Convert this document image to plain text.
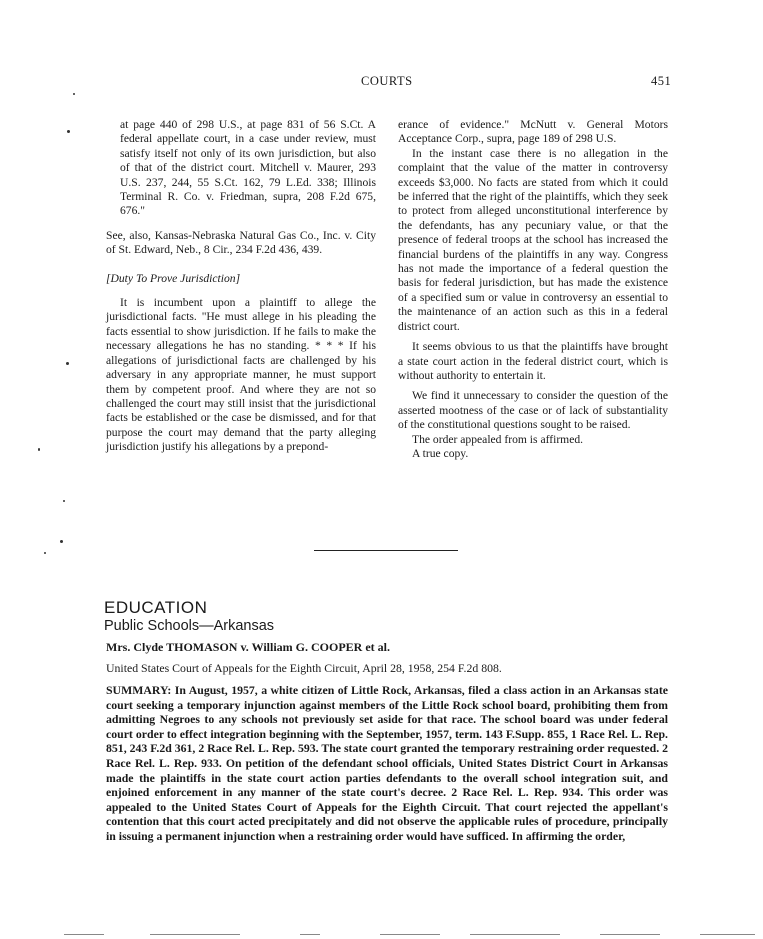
COURTS	451

at page 440 of 298 U.S., at page 831 of 56 S.Ct. A federal appellate court, in a case under review, must satisfy itself not only of its own jurisdiction, but also of that of the district court. Mitchell v. Maurer, 293 U.S. 237, 244, 55 S.Ct. 162, 79 L.Ed. 338; Illinois Terminal R. Co. v. Friedman, supra, 208 F.2d 675, 676."

See, also, Kansas-Nebraska Natural Gas Co., Inc. v. City of St. Edward, Neb., 8 Cir., 234 F.2d 436, 439.

[Duty To Prove Jurisdiction]

It is incumbent upon a plaintiff to allege the jurisdictional facts. "He must allege in his pleading the facts essential to show jurisdiction. If he fails to make the necessary allegations he has no standing. * * * If his allegations of jurisdictional facts are challenged by his adversary in any appropriate manner, he must support them by competent proof. And where they are not so challenged the court may still insist that the jurisdictional facts be established or the case be dismissed, and for that purpose the court may demand that the party alleging jurisdiction justify his allegations by a prepond-

erance of evidence." McNutt v. General Motors Acceptance Corp., supra, page 189 of 298 U.S.

In the instant case there is no allegation in the complaint that the value of the matter in controversy exceeds $3,000. No facts are stated from which it could be inferred that the right of the plaintiffs, which they seek to protect from alleged unconstitutional interference by the defendants, has any pecuniary value, or that the presence of federal troops at the school has increased the financial burdens of the plaintiffs in any way. Congress has not made the importance of a federal question the basis for federal jurisdiction, but has made the existence of a specified sum or value in controversy an essential to the maintenance of an action such as this in a federal district court.

It seems obvious to us that the plaintiffs have brought a state court action in the federal district court, which is without authority to entertain it.

We find it unnecessary to consider the question of the asserted mootness of the case or of lack of substantiality of the constitutional questions sought to be raised.

The order appealed from is affirmed.

A true copy.

EDUCATION
Public Schools—Arkansas
Mrs. Clyde THOMASON v. William G. COOPER et al.
United States Court of Appeals for the Eighth Circuit, April 28, 1958, 254 F.2d 808.

SUMMARY: In August, 1957, a white citizen of Little Rock, Arkansas, filed a class action in an Arkansas state court seeking a temporary injunction against members of the Little Rock school board, prohibiting them from admitting Negroes to any schools not previously set aside for that race. The school board was under federal court order to effect integration beginning with the September, 1957, term. 143 F.Supp. 855, 1 Race Rel. L. Rep. 851, 243 F.2d 361, 2 Race Rel. L. Rep. 593. The state court granted the temporary restraining order requested. 2 Race Rel. L. Rep. 933. On petition of the defendant school officials, United States District Court in Arkansas made the plaintiffs in the state court action parties defendants to the overall school integration suit, and enjoined enforcement in any manner of the state court's decree. 2 Race Rel. L. Rep. 934. This order was appealed to the United States Court of Appeals for the Eighth Circuit. That court rejected the appellant's contention that this court acted precipitately and did not observe the applicable rules of procedure, principally in issuing a permanent injunction when a restraining order would have sufficed. In affirming the order,
